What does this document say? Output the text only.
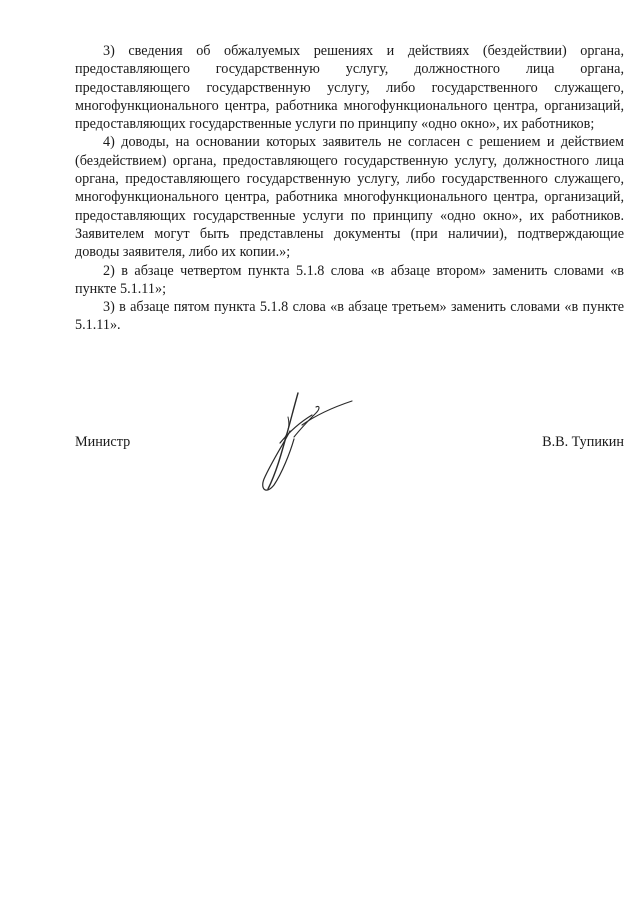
3) сведения об обжалуемых решениях и действиях (бездействии) органа, предоставляющего государственную услугу, должностного лица органа, предоставляющего государственную услугу, либо государственного служащего, многофункционального центра, работника многофункционального центра, организаций, предоставляющих государственные услуги по принципу «одно окно», их работников;

4) доводы, на основании которых заявитель не согласен с решением и действием (бездействием) органа, предоставляющего государственную услугу, должностного лица органа, предоставляющего государственную услугу, либо государственного служащего, многофункционального центра, работника многофункционального центра, организаций, предоставляющих государственные услуги по принципу «одно окно», их работников. Заявителем могут быть представлены документы (при наличии), подтверждающие доводы заявителя, либо их копии.»;

2) в абзаце четвертом пункта 5.1.8 слова «в абзаце втором» заменить словами «в пункте 5.1.11»;

3) в абзаце пятом пункта 5.1.8 слова «в абзаце третьем» заменить словами «в пункте 5.1.11».

Министр	В.В. Тупикин
